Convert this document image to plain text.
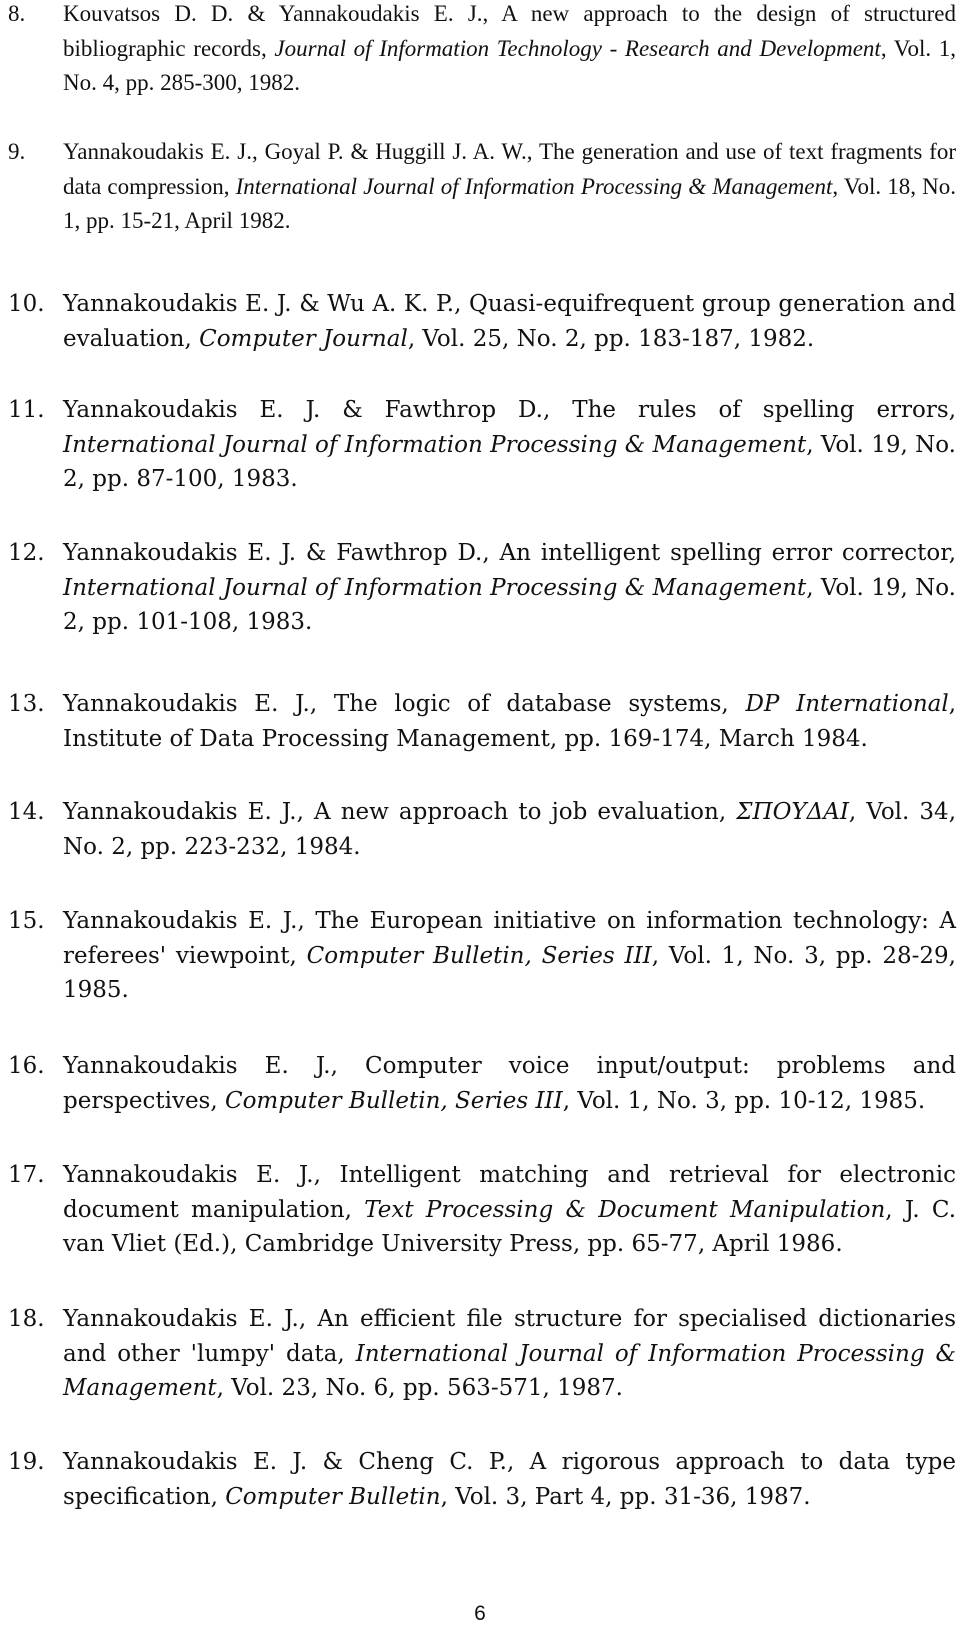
8. Kouvatsos D. D. & Yannakoudakis E. J., A new approach to the design of structured bibliographic records, Journal of Information Technology - Research and Development, Vol. 1, No. 4, pp. 285-300, 1982.
9. Yannakoudakis E. J., Goyal P. & Huggill J. A. W., The generation and use of text fragments for data compression, International Journal of Information Processing & Management, Vol. 18, No. 1, pp. 15-21, April 1982.
10. Yannakoudakis E. J. & Wu A. K. P., Quasi-equifrequent group generation and evaluation, Computer Journal, Vol. 25, No. 2, pp. 183-187, 1982.
11. Yannakoudakis E. J. & Fawthrop D., The rules of spelling errors, International Journal of Information Processing & Management, Vol. 19, No. 2, pp. 87-100, 1983.
12. Yannakoudakis E. J. & Fawthrop D., An intelligent spelling error corrector, International Journal of Information Processing & Management, Vol. 19, No. 2, pp. 101-108, 1983.
13. Yannakoudakis E. J., The logic of database systems, DP International, Institute of Data Processing Management, pp. 169-174, March 1984.
14. Yannakoudakis E. J., A new approach to job evaluation, ΣΠΟΥΔΑΙ, Vol. 34, No. 2, pp. 223-232, 1984.
15. Yannakoudakis E. J., The European initiative on information technology: A referees' viewpoint, Computer Bulletin, Series III, Vol. 1, No. 3, pp. 28-29, 1985.
16. Yannakoudakis E. J., Computer voice input/output: problems and perspectives, Computer Bulletin, Series III, Vol. 1, No. 3, pp. 10-12, 1985.
17. Yannakoudakis E. J., Intelligent matching and retrieval for electronic document manipulation, Text Processing & Document Manipulation, J. C. van Vliet (Ed.), Cambridge University Press, pp. 65-77, April 1986.
18. Yannakoudakis E. J., An efficient file structure for specialised dictionaries and other 'lumpy' data, International Journal of Information Processing & Management, Vol. 23, No. 6, pp. 563-571, 1987.
19. Yannakoudakis E. J. & Cheng C. P., A rigorous approach to data type specification, Computer Bulletin, Vol. 3, Part 4, pp. 31-36, 1987.
6
